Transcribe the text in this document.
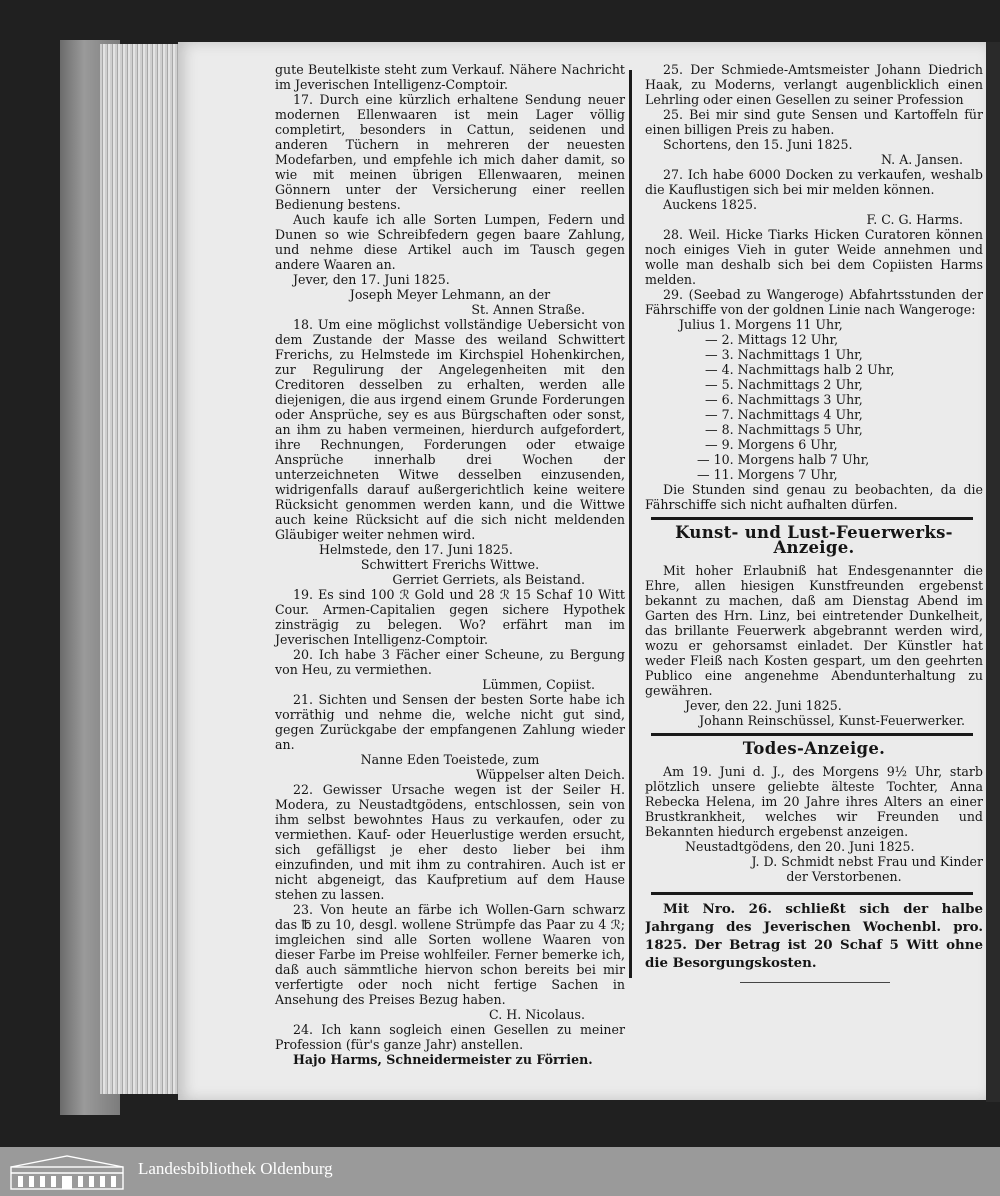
gute Beutelkiste steht zum Verkauf. Nähere Nachricht im Jeverischen Intelligenz-Comptoir.

17. Durch eine kürzlich erhaltene Sendung neuer modernen Ellenwaaren ist mein Lager völlig completirt, besonders in Cattun, seidenen und anderen Tüchern in mehreren der neuesten Modefarben, und empfehle ich mich daher damit, so wie mit meinen übrigen Ellenwaaren, meinen Gönnern unter der Versicherung einer reellen Bedienung bestens.

Auch kaufe ich alle Sorten Lumpen, Federn und Dunen so wie Schreibfedern gegen baare Zahlung, und nehme diese Artikel auch im Tausch gegen andere Waaren an.

Jever, den 17. Juni 1825.

Joseph Meyer Lehmann, an der

St. Annen Straße.

18. Um eine möglichst vollständige Uebersicht von dem Zustande der Masse des weiland Schwittert Frerichs, zu Helmstede im Kirchspiel Hohenkirchen, zur Regulirung der Angelegenheiten mit den Creditoren desselben zu erhalten, werden alle diejenigen, die aus irgend einem Grunde Forderungen oder Ansprüche, sey es aus Bürgschaften oder sonst, an ihm zu haben vermeinen, hierdurch aufgefordert, ihre Rechnungen, Forderungen oder etwaige Ansprüche innerhalb drei Wochen der unterzeichneten Witwe desselben einzusenden, widrigenfalls darauf außergerichtlich keine weitere Rücksicht genommen werden kann, und die Wittwe auch keine Rücksicht auf die sich nicht meldenden Gläubiger weiter nehmen wird.

Helmstede, den 17. Juni 1825.

Schwittert Frerichs Wittwe.

Gerriet Gerriets, als Beistand.

19. Es sind 100 ℛ Gold und 28 ℛ 15 Schaf 10 Witt Cour. Armen-Capitalien gegen sichere Hypothek zinsträgig zu belegen. Wo? erfährt man im Jeverischen Intelligenz-Comptoir.

20. Ich habe 3 Fächer einer Scheune, zu Bergung von Heu, zu vermiethen.

Lümmen, Copiist.

21. Sichten und Sensen der besten Sorte habe ich vorräthig und nehme die, welche nicht gut sind, gegen Zurückgabe der empfangenen Zahlung wieder an.

Nanne Eden Toeistede, zum

Wüppelser alten Deich.

22. Gewisser Ursache wegen ist der Seiler H. Modera, zu Neustadtgödens, entschlossen, sein von ihm selbst bewohntes Haus zu verkaufen, oder zu vermiethen. Kauf- oder Heuerlustige werden ersucht, sich gefälligst je eher desto lieber bei ihm einzufinden, und mit ihm zu contrahiren. Auch ist er nicht abgeneigt, das Kaufpretium auf dem Hause stehen zu lassen.

23. Von heute an färbe ich Wollen-Garn schwarz das ℔ zu 10, desgl. wollene Strümpfe das Paar zu 4 ℛ; imgleichen sind alle Sorten wollene Waaren von dieser Farbe im Preise wohlfeiler. Ferner bemerke ich, daß auch sämmtliche hiervon schon bereits bei mir verfertigte oder noch nicht fertige Sachen in Ansehung des Preises Bezug haben.

C. H. Nicolaus.

24. Ich kann sogleich einen Gesellen zu meiner Profession (für's ganze Jahr) anstellen.

Hajo Harms, Schneidermeister zu Förrien.

25. Der Schmiede-Amtsmeister Johann Diedrich Haak, zu Moderns, verlangt augenblicklich einen Lehrling oder einen Gesellen zu seiner Profession

25. Bei mir sind gute Sensen und Kartoffeln für einen billigen Preis zu haben.

Schortens, den 15. Juni 1825.

N. A. Jansen.

27. Ich habe 6000 Docken zu verkaufen, weshalb die Kauflustigen sich bei mir melden können.

Auckens 1825.

F. C. G. Harms.

28. Weil. Hicke Tiarks Hicken Curatoren können noch einiges Vieh in guter Weide annehmen und wolle man deshalb sich bei dem Copiisten Harms melden.

29. (Seebad zu Wangeroge) Abfahrtsstunden der Fährschiffe von der goldnen Linie nach Wangeroge:

Julius 1. Morgens 11 Uhr,

— 2. Mittags 12 Uhr,

— 3. Nachmittags 1 Uhr,

— 4. Nachmittags halb 2 Uhr,

— 5. Nachmittags 2 Uhr,

— 6. Nachmittags 3 Uhr,

— 7. Nachmittags 4 Uhr,

— 8. Nachmittags 5 Uhr,

— 9. Morgens 6 Uhr,

— 10. Morgens halb 7 Uhr,

— 11. Morgens 7 Uhr,

Die Stunden sind genau zu beobachten, da die Fährschiffe sich nicht aufhalten dürfen.

Kunst- und Lust-Feuerwerks-Anzeige.

Mit hoher Erlaubniß hat Endesgenannter die Ehre, allen hiesigen Kunstfreunden ergebenst bekannt zu machen, daß am Dienstag Abend im Garten des Hrn. Linz, bei eintretender Dunkelheit, das brillante Feuerwerk abgebrannt werden wird, wozu er gehorsamst einladet. Der Künstler hat weder Fleiß nach Kosten gespart, um den geehrten Publico eine angenehme Abendunterhaltung zu gewähren.

Jever, den 22. Juni 1825.

Johann Reinschüssel, Kunst-Feuerwerker.

Todes-Anzeige.

Am 19. Juni d. J., des Morgens 9½ Uhr, starb plötzlich unsere geliebte älteste Tochter, Anna Rebecka Helena, im 20 Jahre ihres Alters an einer Brustkrankheit, welches wir Freunden und Bekannten hiedurch ergebenst anzeigen.

Neustadtgödens, den 20. Juni 1825.

J. D. Schmidt nebst Frau und Kinder

der Verstorbenen.

Mit Nro. 26. schließt sich der halbe Jahrgang des Jeverischen Wochenbl. pro. 1825. Der Betrag ist 20 Schaf 5 Witt ohne die Besorgungskosten.

Landesbibliothek Oldenburg
